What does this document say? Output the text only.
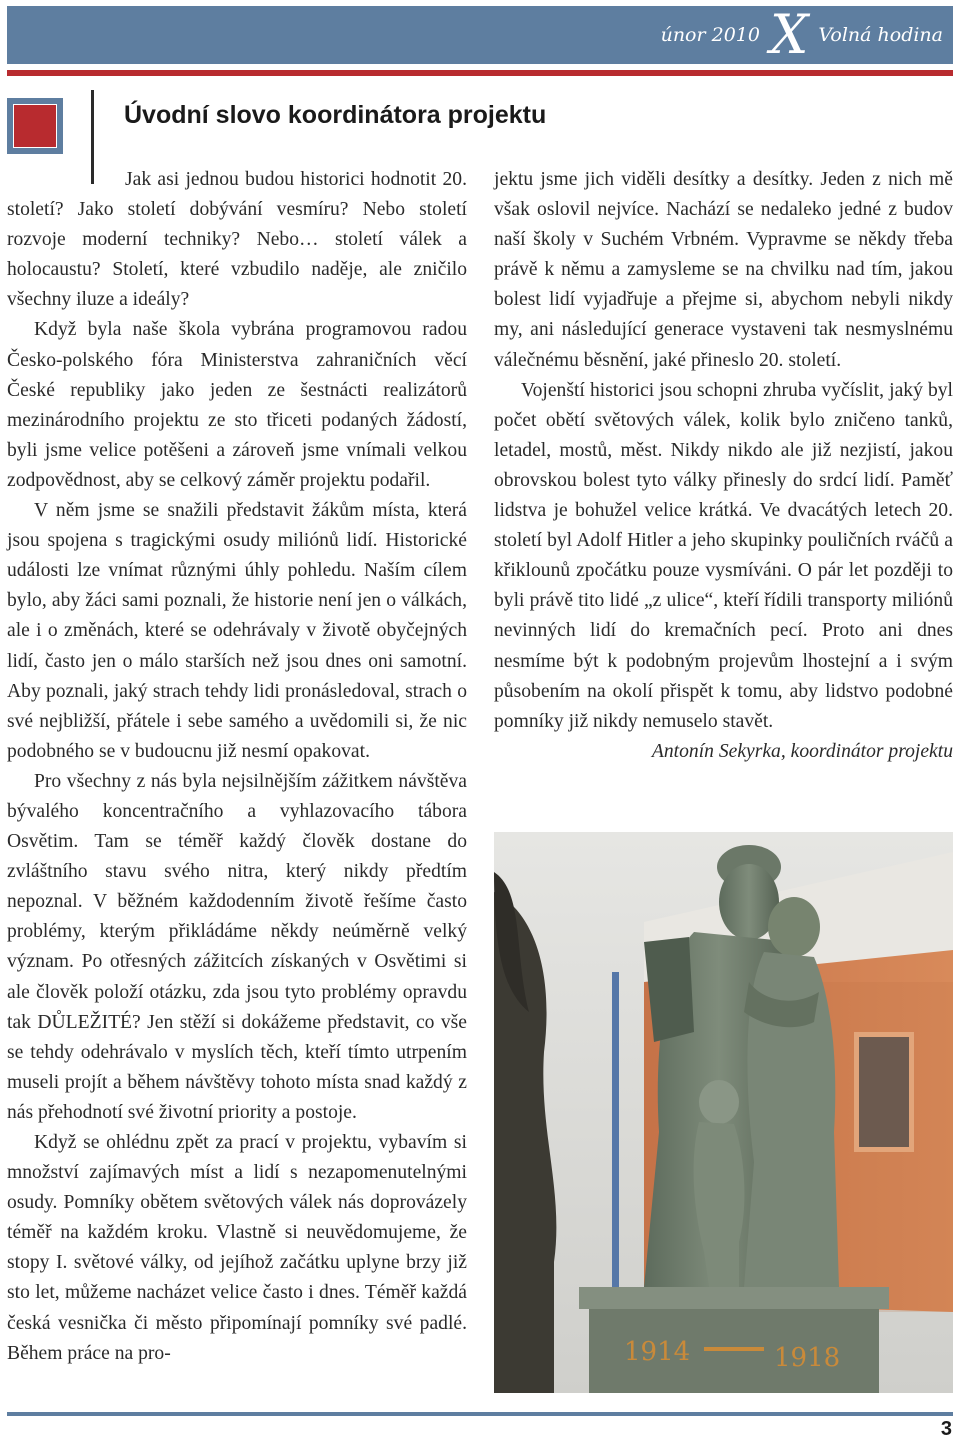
únor 2010 X Volná hodina
Úvodní slovo koordinátora projektu

Jak asi jednou budou historici hodnotit 20. století? Jako století dobývání vesmíru? Nebo století rozvoje moderní techniky? Nebo… století válek a holocaustu? Století, které vzbudilo naděje, ale zničilo všechny iluze a ideály?

Když byla naše škola vybrána programovou radou Česko-polského fóra Ministerstva zahraničních věcí České republiky jako jeden ze šestnácti realizátorů mezinárodního projektu ze sto třiceti podaných žádostí, byli jsme velice potěšeni a zároveň jsme vnímali velkou zodpovědnost, aby se celkový záměr projektu podařil.

V něm jsme se snažili představit žákům místa, která jsou spojena s tragickými osudy miliónů lidí. Historické události lze vnímat různými úhly pohledu. Naším cílem bylo, aby žáci sami poznali, že historie není jen o válkách, ale i o změnách, které se odehrávaly v životě obyčejných lidí, často jen o málo starších než jsou dnes oni samotní. Aby poznali, jaký strach tehdy lidi pronásledoval, strach o své nejbližší, přátele i sebe samého a uvědomili si, že nic podobného se v budoucnu již nesmí opakovat.

Pro všechny z nás byla nejsilnějším zážitkem návštěva bývalého koncentračního a vyhlazovacího tábora Osvětim. Tam se téměř každý člověk dostane do zvláštního stavu svého nitra, který nikdy předtím nepoznal. V běžném každodenním životě řešíme často problémy, kterým přikládáme někdy neúměrně velký význam. Po otřesných zážitcích získaných v Osvětimi si ale člověk položí otázku, zda jsou tyto problémy opravdu tak DŮLEŽITÉ? Jen stěží si dokážeme představit, co vše se tehdy odehrávalo v myslích těch, kteří tímto utrpením museli projít a během návštěvy tohoto místa snad každý z nás přehodnotí své životní priority a postoje.

Když se ohlédnu zpět za prací v projektu, vybavím si množství zajímavých míst a lidí s nezapomenutelnými osudy. Pomníky obětem světových válek nás doprovázely téměř na každém kroku. Vlastně si neuvědomujeme, že stopy I. světové války, od jejíhož začátku uplyne brzy již sto let, můžeme nacházet velice často i dnes. Téměř každá česká vesnička či město připomínají pomníky své padlé. Během práce na pro-

jektu jsme jich viděli desítky a desítky. Jeden z nich mě však oslovil nejvíce. Nachází se nedaleko jedné z budov naší školy v Suchém Vrbném. Vypravme se někdy třeba právě k němu a zamysleme se na chvilku nad tím, jakou bolest lidí vyjadřuje a přejme si, abychom nebyli nikdy my, ani následující generace vystaveni tak nesmyslnému válečnému běsnění, jaké přineslo 20. století.

Vojenští historici jsou schopni zhruba vyčíslit, jaký byl počet obětí světových válek, kolik bylo zničeno tanků, letadel, mostů, měst. Nikdy nikdo ale již nezjistí, jakou obrovskou bolest tyto války přinesly do srdcí lidí. Paměť lidstva je bohužel velice krátká. Ve dvacátých letech 20. století byl Adolf Hitler a jeho skupinky pouličních rváčů a křiklounů zpočátku pouze vysmíváni. O pár let později to byli právě tito lidé „z ulice“, kteří řídili transporty miliónů nevinných lidí do kremačních pecí. Proto ani dnes nesmíme být k podobným projevům lhostejní a i svým působením na okolí přispět k tomu, aby lidstvo podobné pomníky již nikdy nemuselo stavět.

Antonín Sekyrka, koordinátor projektu

1914	1918
3
